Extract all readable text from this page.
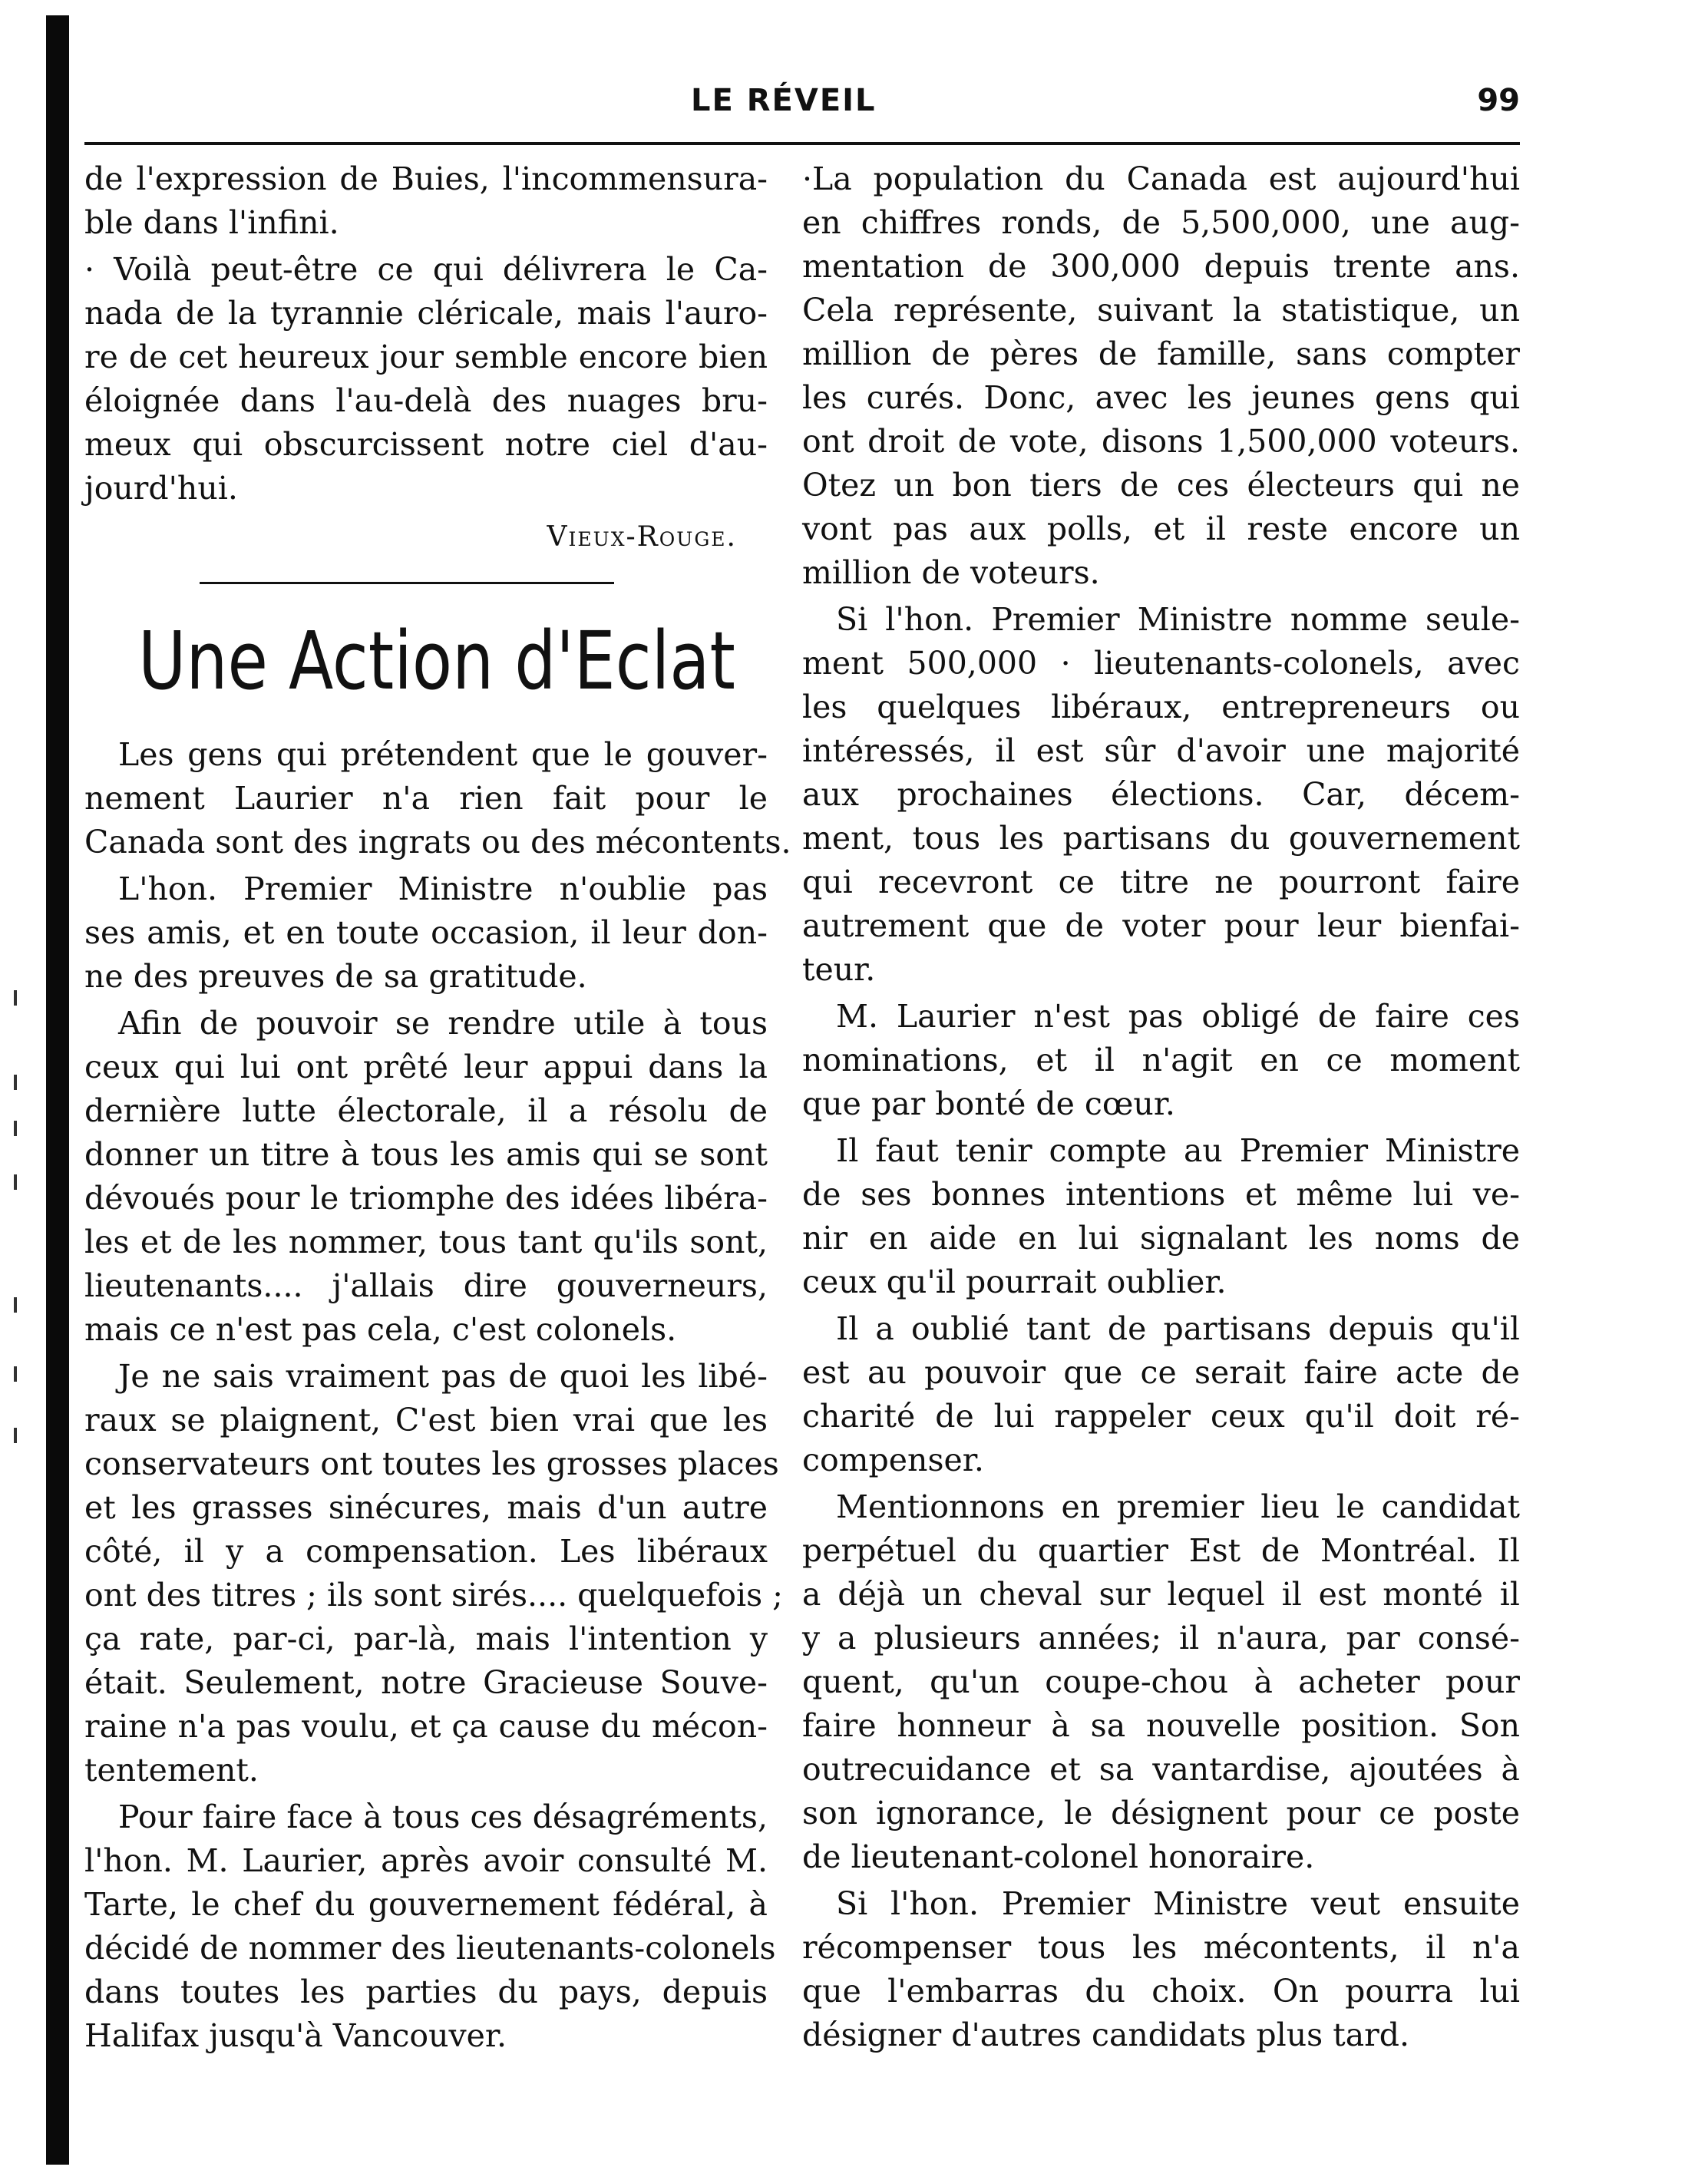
LE RÉVEIL	99
de l'expression de Buies, l'incommensura-
ble dans l'infini.
· Voilà peut-être ce qui délivrera le Ca-
nada de la tyrannie cléricale, mais l'auro-
re de cet heureux jour semble encore bien
éloignée dans l'au-delà des nuages bru-
meux qui obscurcissent notre ciel d'au-
jourd'hui.
Vieux-Rouge.
Une Action d'Eclat
Les gens qui prétendent que le gouver-
nement Laurier n'a rien fait pour le
Canada sont des ingrats ou des mécontents.
L'hon. Premier Ministre n'oublie pas
ses amis, et en toute occasion, il leur don-
ne des preuves de sa gratitude.
Afin de pouvoir se rendre utile à tous
ceux qui lui ont prêté leur appui dans la
dernière lutte électorale, il a résolu de
donner un titre à tous les amis qui se sont
dévoués pour le triomphe des idées libéra-
les et de les nommer, tous tant qu'ils sont,
lieutenants.... j'allais dire gouverneurs,
mais ce n'est pas cela, c'est colonels.
Je ne sais vraiment pas de quoi les libé-
raux se plaignent, C'est bien vrai que les
conservateurs ont toutes les grosses places
et les grasses sinécures, mais d'un autre
côté, il y a compensation. Les libéraux
ont des titres ; ils sont sirés.... quelquefois ;
ça rate, par-ci, par-là, mais l'intention y
était. Seulement, notre Gracieuse Souve-
raine n'a pas voulu, et ça cause du mécon-
tentement.
Pour faire face à tous ces désagréments,
l'hon. M. Laurier, après avoir consulté M.
Tarte, le chef du gouvernement fédéral, à
décidé de nommer des lieutenants-colonels
dans toutes les parties du pays, depuis
Halifax jusqu'à Vancouver.
·La population du Canada est aujourd'hui
en chiffres ronds, de 5,500,000, une aug-
mentation de 300,000 depuis trente ans.
Cela représente, suivant la statistique, un
million de pères de famille, sans compter
les curés. Donc, avec les jeunes gens qui
ont droit de vote, disons 1,500,000 voteurs.
Otez un bon tiers de ces électeurs qui ne
vont pas aux polls, et il reste encore un
million de voteurs.
Si l'hon. Premier Ministre nomme seule-
ment 500,000 · lieutenants-colonels, avec
les quelques libéraux, entrepreneurs ou
intéressés, il est sûr d'avoir une majorité
aux prochaines élections. Car, décem-
ment, tous les partisans du gouvernement
qui recevront ce titre ne pourront faire
autrement que de voter pour leur bienfai-
teur.
M. Laurier n'est pas obligé de faire ces
nominations, et il n'agit en ce moment
que par bonté de cœur.
Il faut tenir compte au Premier Ministre
de ses bonnes intentions et même lui ve-
nir en aide en lui signalant les noms de
ceux qu'il pourrait oublier.
Il a oublié tant de partisans depuis qu'il
est au pouvoir que ce serait faire acte de
charité de lui rappeler ceux qu'il doit ré-
compenser.
Mentionnons en premier lieu le candidat
perpétuel du quartier Est de Montréal. Il
a déjà un cheval sur lequel il est monté il
y a plusieurs années; il n'aura, par consé-
quent, qu'un coupe-chou à acheter pour
faire honneur à sa nouvelle position. Son
outrecuidance et sa vantardise, ajoutées à
son ignorance, le désignent pour ce poste
de lieutenant-colonel honoraire.
Si l'hon. Premier Ministre veut ensuite
récompenser tous les mécontents, il n'a
que l'embarras du choix. On pourra lui
désigner d'autres candidats plus tard.
